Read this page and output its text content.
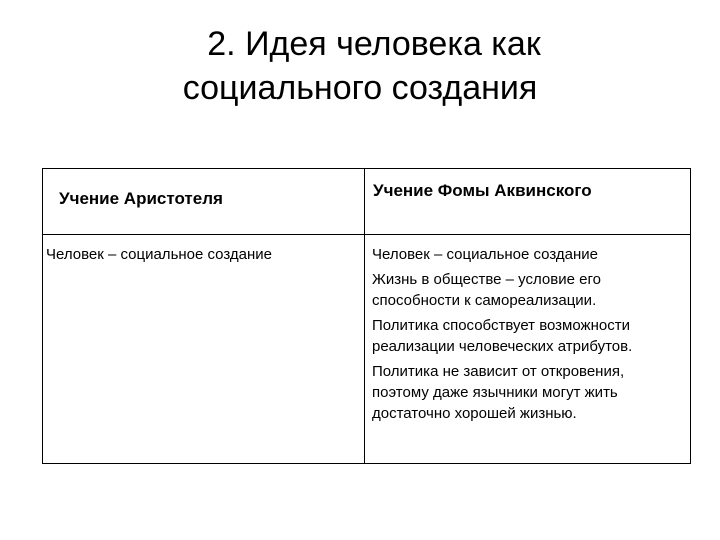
2. Идея человека как
социального создания
Учение Аристотеля	Учение Фомы Аквинского

Человек – социальное создание	Человек – социальное создание
Жизнь в обществе – условие его способности к самореализации.
Политика способствует возможности реализации человеческих атрибутов.
Политика не зависит от откровения, поэтому даже язычники могут жить достаточно хорошей жизнью.
